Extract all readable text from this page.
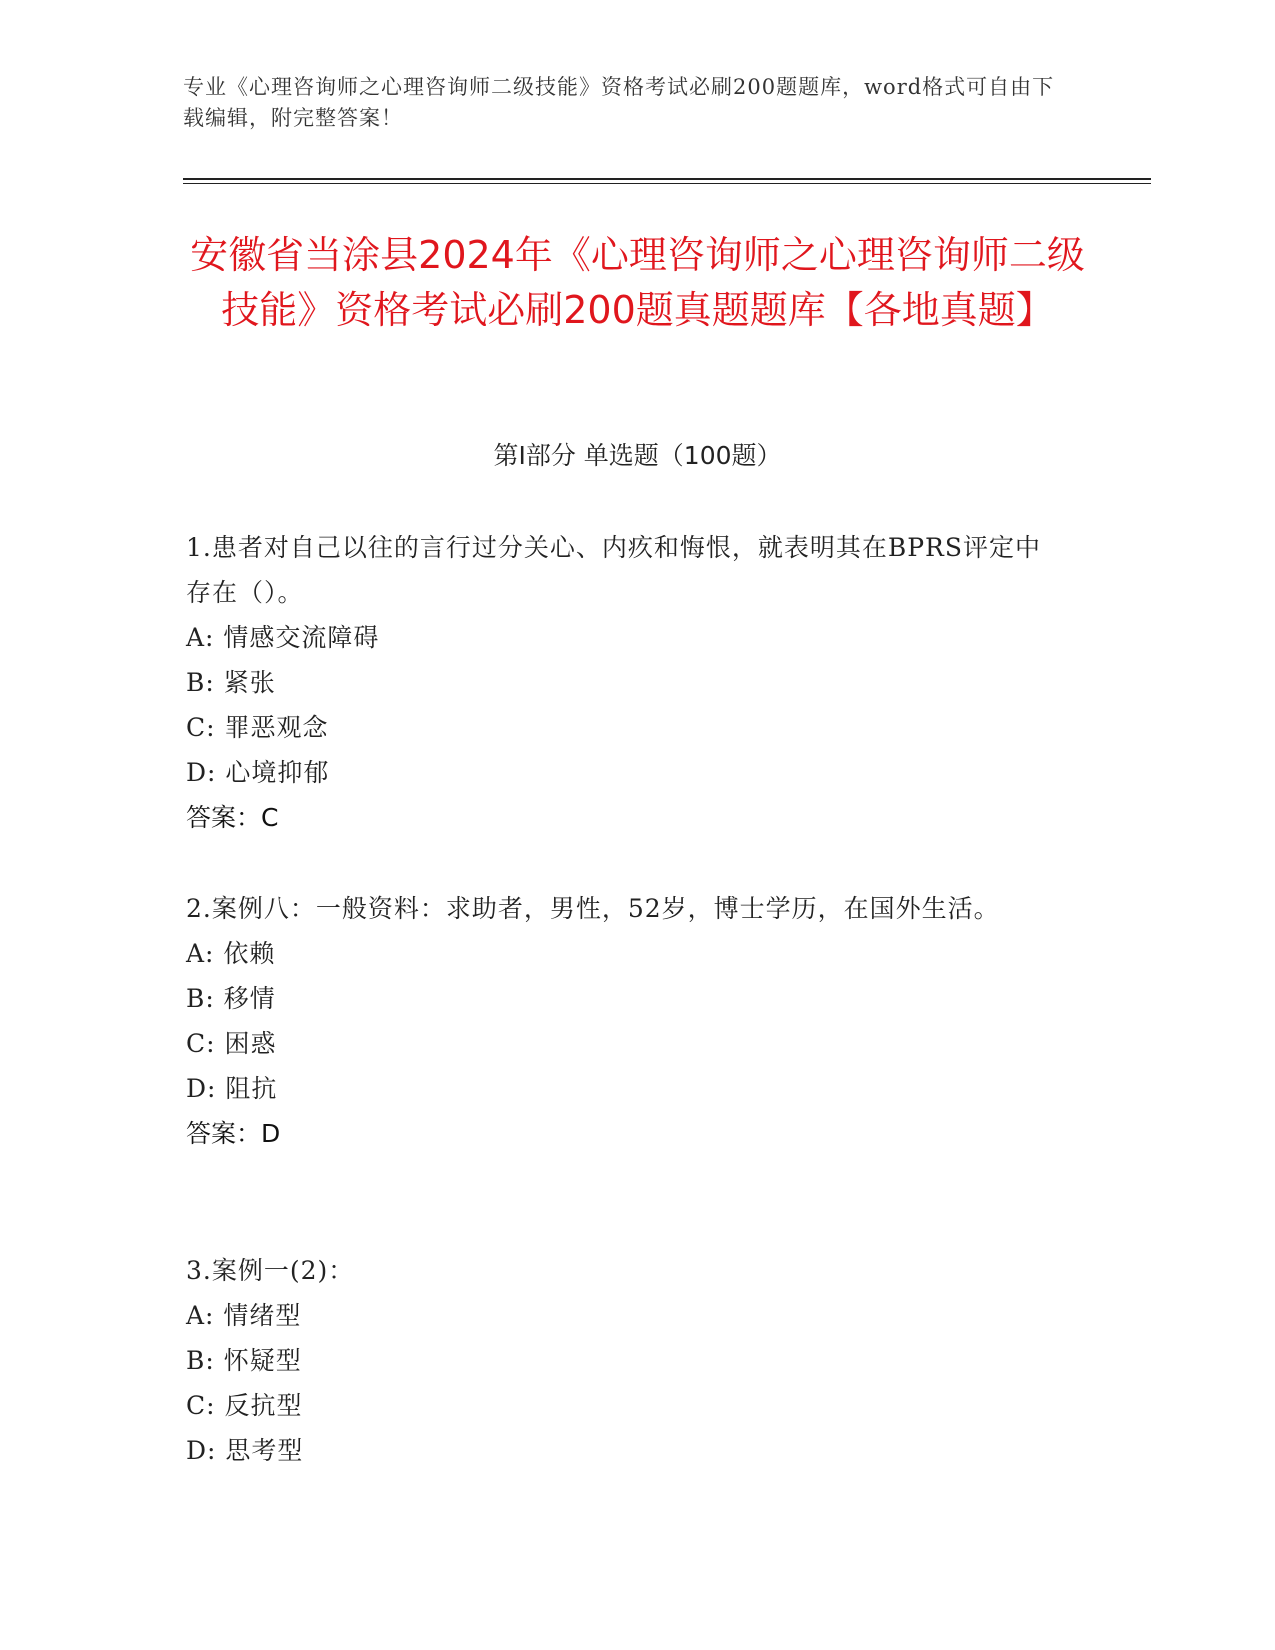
专业《心理咨询师之心理咨询师二级技能》资格考试必刷200题题库，word格式可自由下载编辑，附完整答案！
安徽省当涂县2024年《心理咨询师之心理咨询师二级技能》资格考试必刷200题真题题库【各地真题】
第Ⅰ部分 单选题（100题）
1.患者对自己以往的言行过分关心、内疚和悔恨，就表明其在BPRS评定中存在（）。
A: 情感交流障碍
B: 紧张
C: 罪恶观念
D: 心境抑郁
答案：C
2.案例八：一般资料：求助者，男性，52岁，博士学历，在国外生活。
A: 依赖
B: 移情
C: 困惑
D: 阻抗
答案：D
3.案例一(2)：
A: 情绪型
B: 怀疑型
C: 反抗型
D: 思考型
